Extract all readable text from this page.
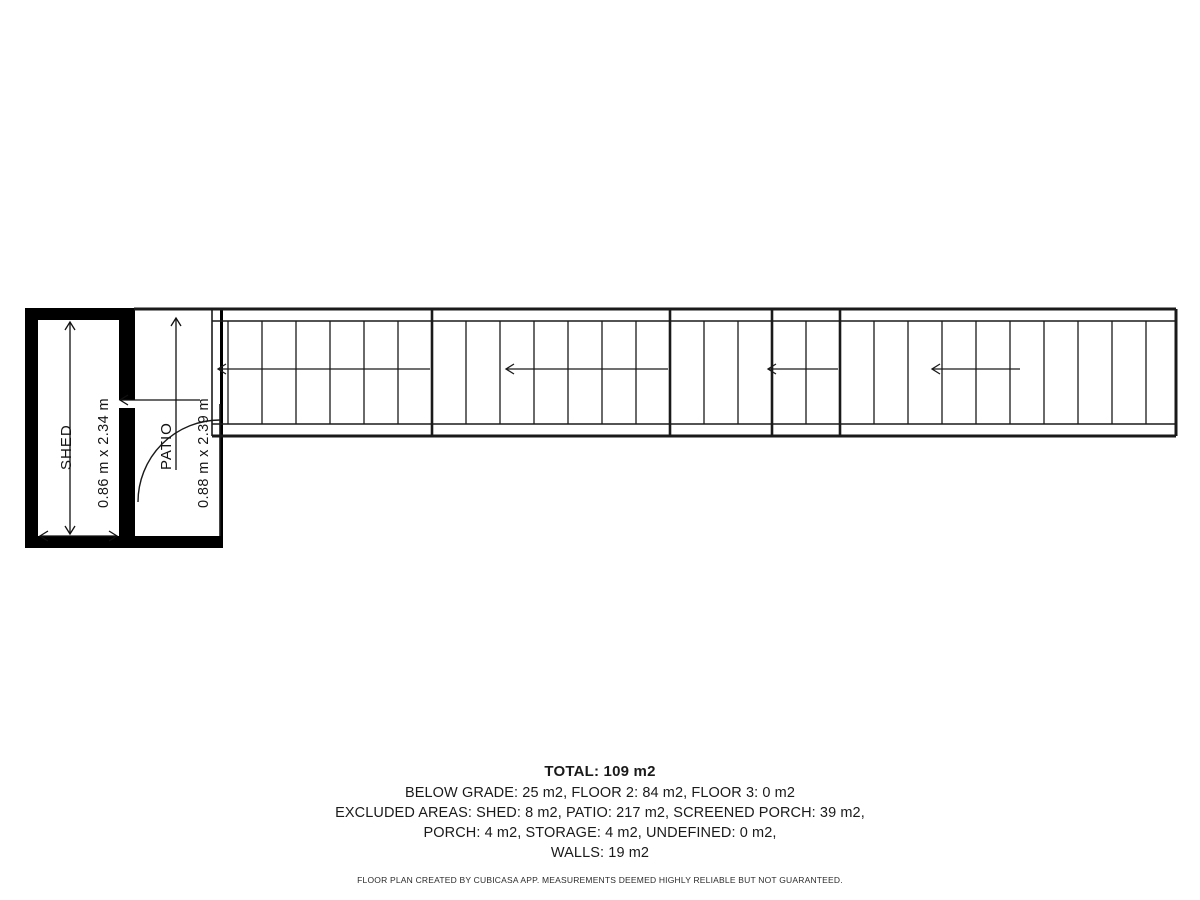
SHED 0.86 m x 2.34 m	PATIO 0.88 m x 2.39 m
TOTAL: 109 m2
BELOW GRADE: 25 m2, FLOOR 2: 84 m2, FLOOR 3: 0 m2
EXCLUDED AREAS: SHED: 8 m2, PATIO: 217 m2, SCREENED PORCH: 39 m2,
PORCH: 4 m2, STORAGE: 4 m2, UNDEFINED: 0 m2,
WALLS: 19 m2
FLOOR PLAN CREATED BY CUBICASA APP. MEASUREMENTS DEEMED HIGHLY RELIABLE BUT NOT GUARANTEED.
